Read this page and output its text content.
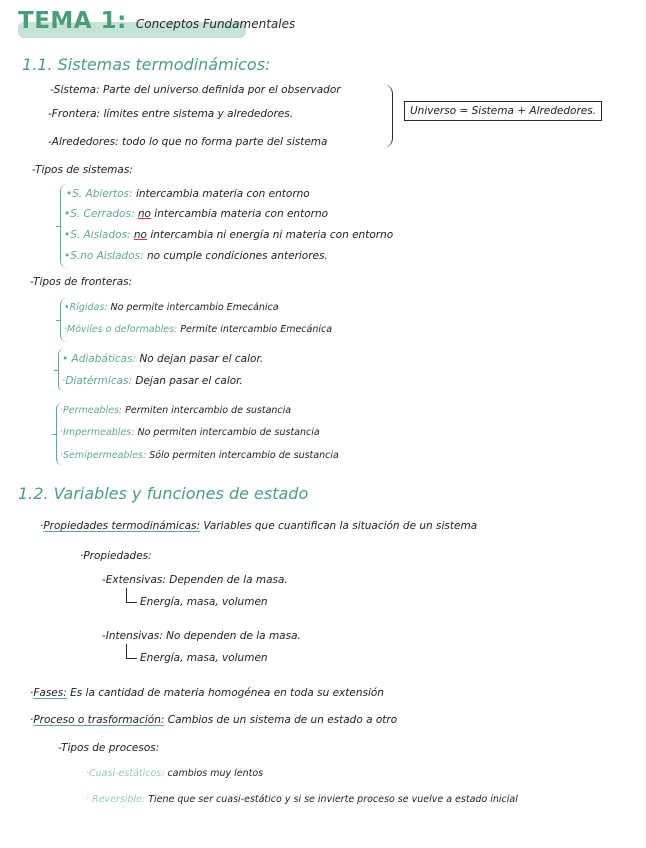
TEMA 1: Conceptos Fundamentales
1.1. Sistemas termodinámicos:
-Sistema: Parte del universo definida por el observador
-Frontera: límites entre sistema y alrededores.
-Alrededores: todo lo que no forma parte del sistema
Universo = Sistema + Alrededores.
-Tipos de sistemas:
•S. Abiertos: intercambia materia con entorno
•S. Cerrados: no intercambia materia con entorno
•S. Aislados: no intercambia ni energía ni materia con entorno
•S.no Aislados: no cumple condiciones anteriores.
-Tipos de fronteras:
•Rígidas: No permite intercambio Emecánica
·Móviles o deformables: Permite intercambio Emecánica
• Adiabáticas: No dejan pasar el calor.
·Diatérmicas: Dejan pasar el calor.
·Permeables: Permiten intercambio de sustancia
·Impermeables: No permiten intercambio de sustancia
·Semipermeables: Sólo permiten intercambio de sustancia
1.2. Variables y funciones de estado
·Propiedades termodinámicas: Variables que cuantifican la situación de un sistema
·Propiedades:
-Extensivas: Dependen de la masa.
Energía, masa, volumen
-Intensivas: No dependen de la masa.
Energía, masa, volumen
·Fases: Es la cantidad de materia homogénea en toda su extensión
·Proceso o trasformación: Cambios de un sistema de un estado a otro
-Tipos de procesos:
·Cuasi-estáticos: cambios muy lentos
· Reversible: Tiene que ser cuasi-estático y si se invierte proceso se vuelve a estado inicial
